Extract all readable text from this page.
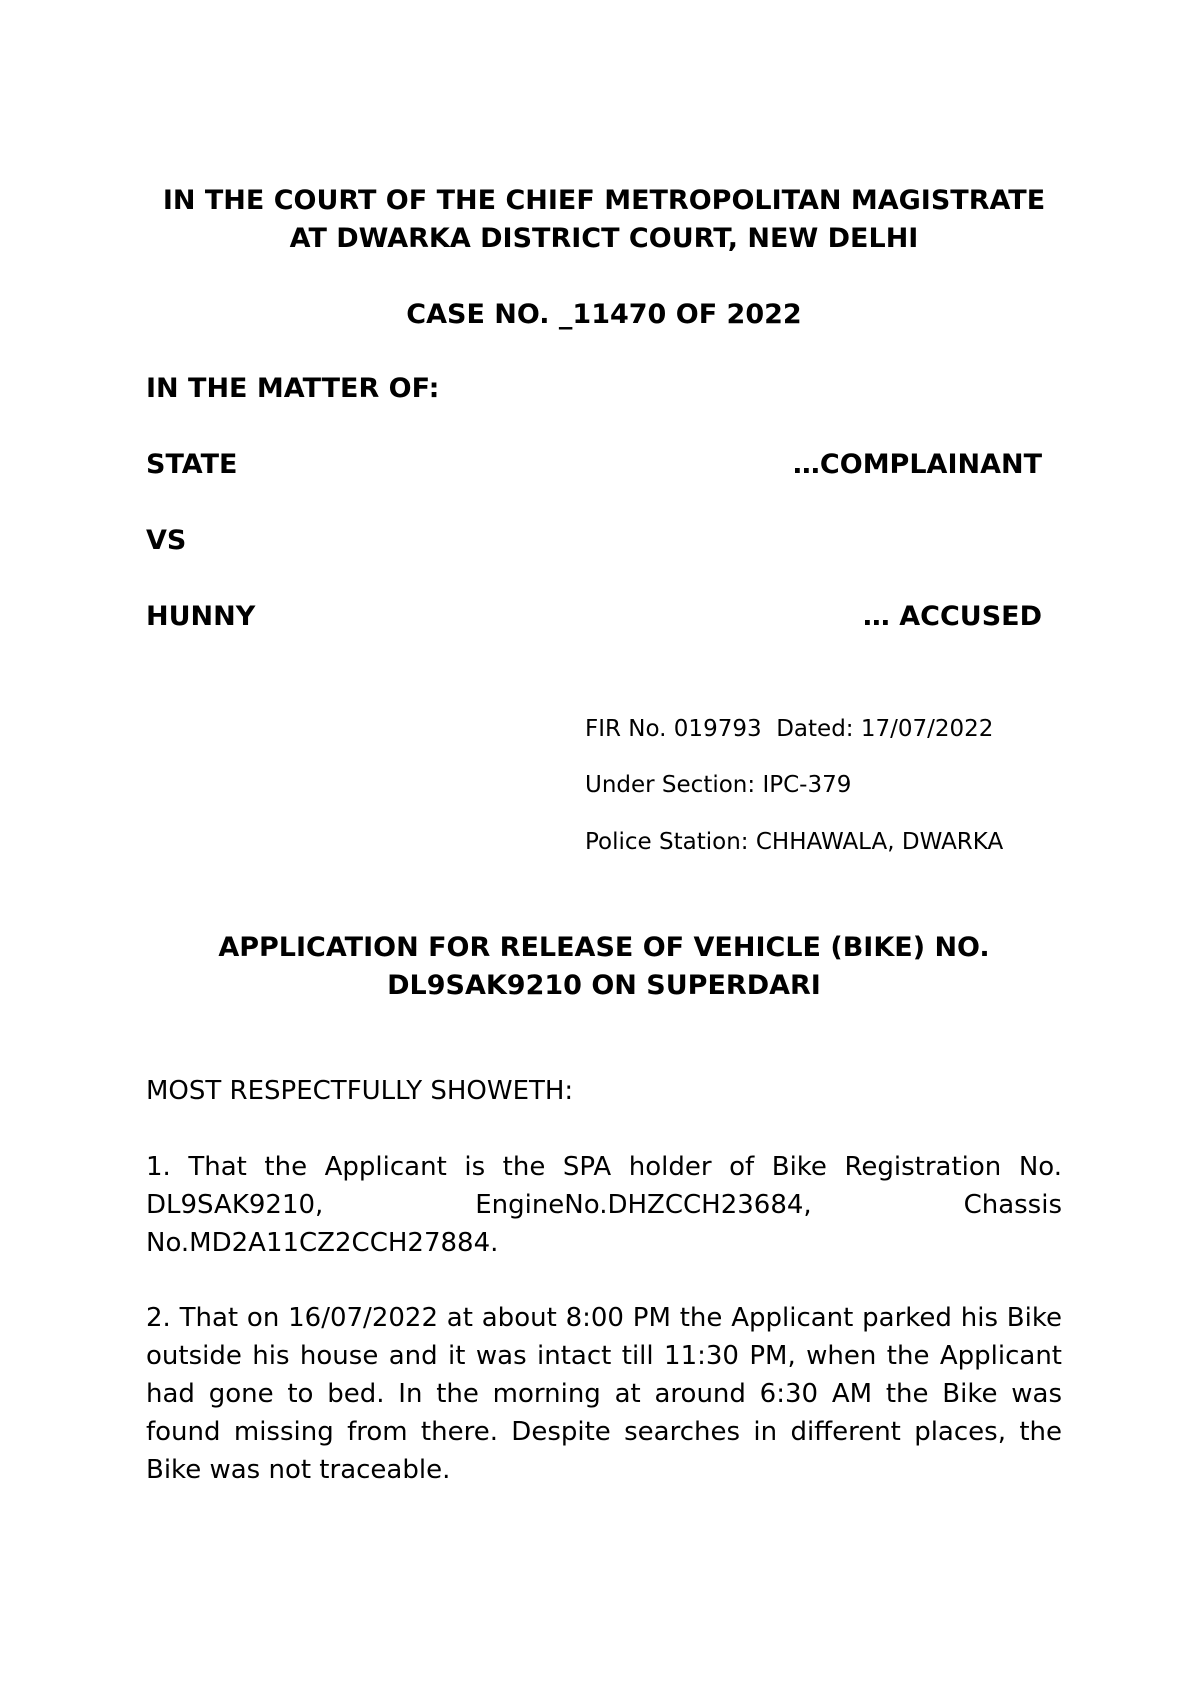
IN THE COURT OF THE CHIEF METROPOLITAN MAGISTRATE AT DWARKA DISTRICT COURT, NEW DELHI

CASE NO. _11470 OF 2022

IN THE MATTER OF:

STATE	…COMPLAINANT

VS

HUNNY	… ACCUSED

FIR No. 019793  Dated: 17/07/2022

Under Section: IPC-379

Police Station: CHHAWALA, DWARKA

APPLICATION FOR RELEASE OF VEHICLE (BIKE) NO. DL9SAK9210 ON SUPERDARI

MOST RESPECTFULLY SHOWETH:

1. That the Applicant is the SPA holder of Bike Registration No. DL9SAK9210, EngineNo.DHZCCH23684, Chassis No.MD2A11CZ2CCH27884.

2. That on 16/07/2022 at about 8:00 PM the Applicant parked his Bike outside his house and it was intact till 11:30 PM, when the Applicant had gone to bed. In the morning at around 6:30 AM the Bike was found missing from there. Despite searches in different places, the Bike was not traceable.
